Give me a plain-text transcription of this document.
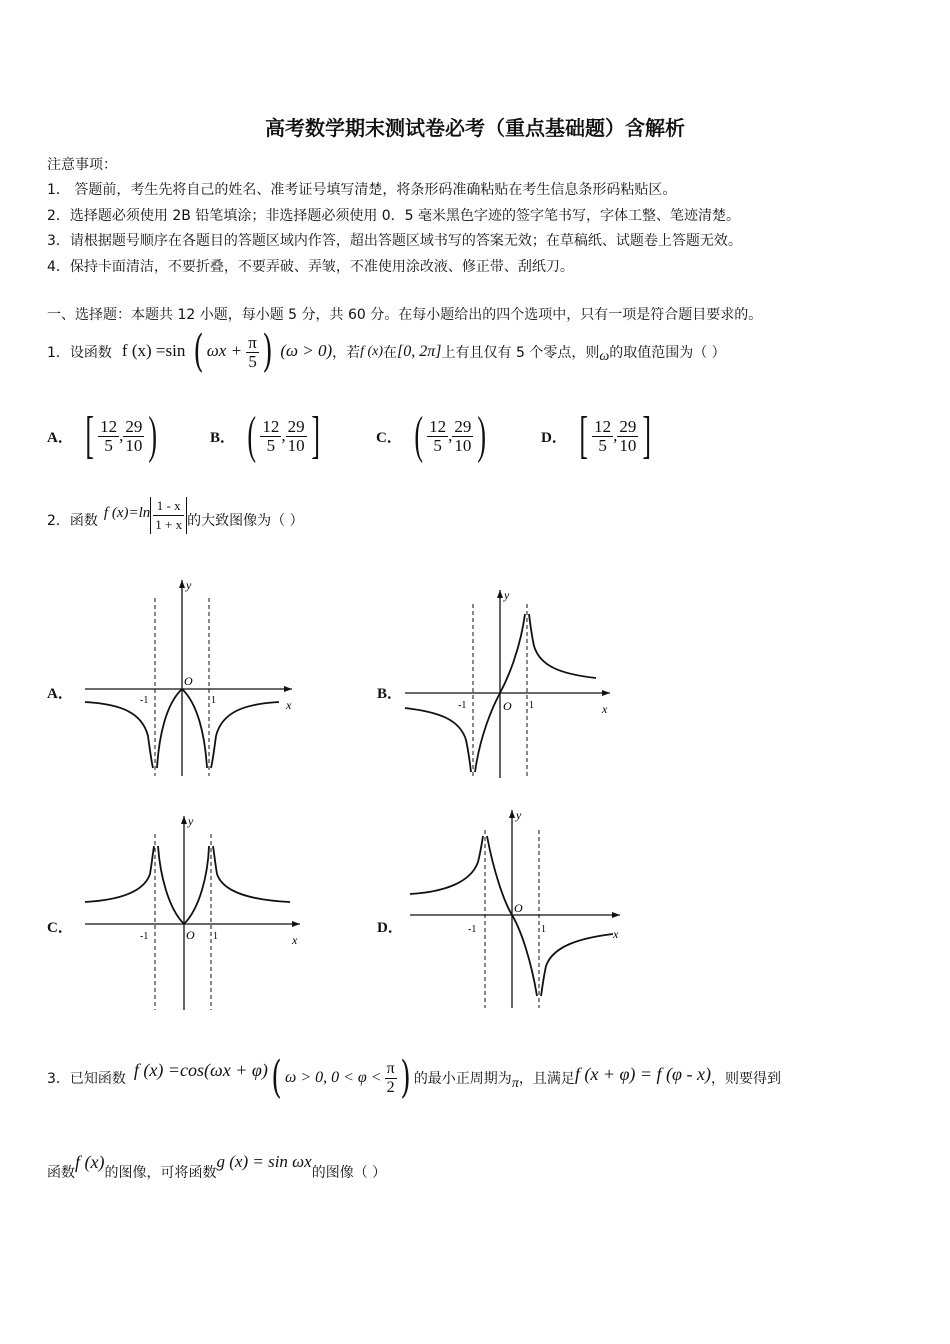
高考数学期末测试卷必考（重点基础题）含解析
注意事项：
1． 答题前，考生先将自己的姓名、准考证号填写清楚，将条形码准确粘贴在考生信息条形码粘贴区。
2．选择题必须使用 2B 铅笔填涂；非选择题必须使用 0．5 毫米黑色字迹的签字笔书写，字体工整、笔迹清楚。
3．请根据题号顺序在各题目的答题区域内作答，超出答题区域书写的答案无效；在草稿纸、试题卷上答题无效。
4．保持卡面清洁，不要折叠，不要弄破、弄皱，不准使用涂改液、修正带、刮纸刀。
一、选择题：本题共 12 小题，每小题 5 分，共 60 分。在每小题给出的四个选项中，只有一项是符合题目要求的。
1．设函数 f (x) =sin ( $\omega x + \frac{\pi}{5}$ ) (ω > 0) ，若 f (x) 在 [0, 2π] 上有且仅有 5 个零点，则 ω 的取值范围为（ ）
A． [ $\frac{12}{5}$ , $\frac{29}{10}$ )	B． ( $\frac{12}{5}$ , $\frac{29}{10}$ ]	C． ( $\frac{12}{5}$ , $\frac{29}{10}$ )	D． [ $\frac{12}{5}$ , $\frac{29}{10}$ ]
2．函数
f $(x)=\ln \frac{1 - x}{1 + x}$ 的大致图像为（ ）
A．
y
x
O
-1	1	B．
y
x
O
-1	1
C．
y
x
O
-1	1
D．
y
x
O
-1	1
3．已知函数 f (x) =cos(ωx + φ) ( ω > 0, $0 < \varphi < \frac{\pi}{2}$ ) 的最小正周期为 π ，且满足 f (x + φ) = f (φ - x) ，则要得到
函数
f (x)
的图像，可将函数
g (x) = sin ωx
的图像（ ）
